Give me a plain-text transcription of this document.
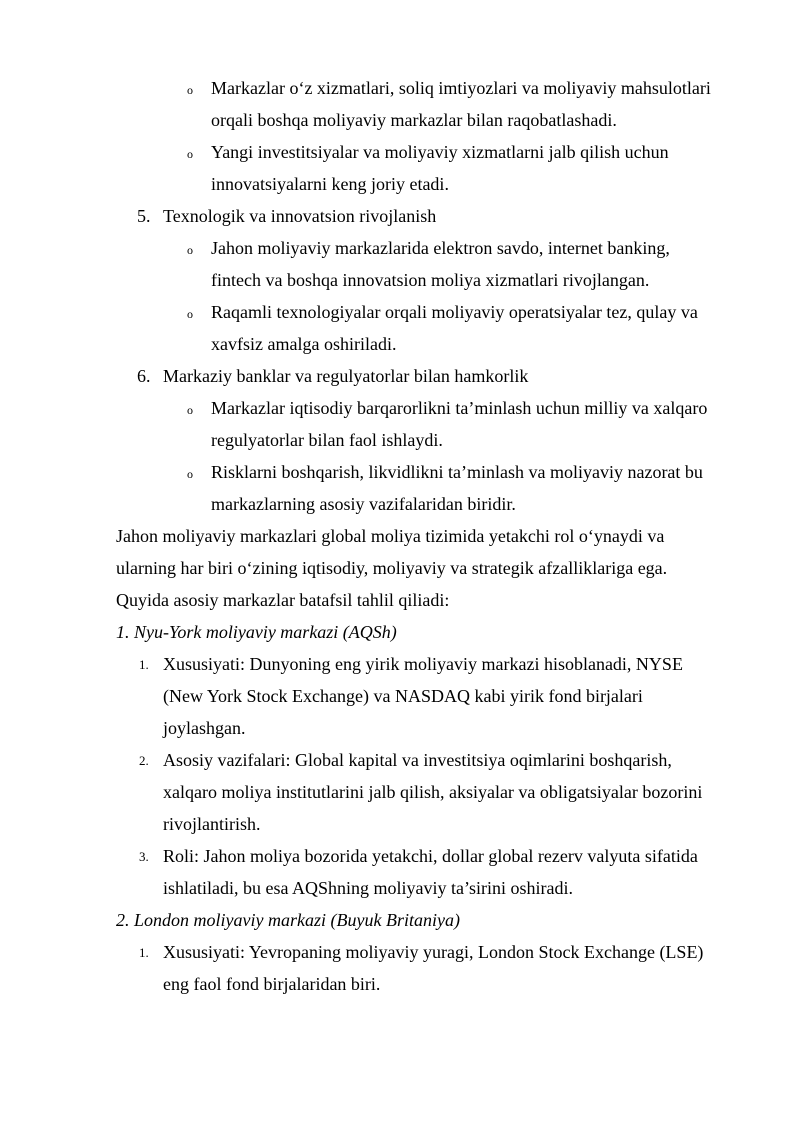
o Markazlar o‘z xizmatlari, soliq imtiyozlari va moliyaviy mahsulotlari
orqali boshqa moliyaviy markazlar bilan raqobatlashadi.
o Yangi investitsiyalar va moliyaviy xizmatlarni jalb qilish uchun
innovatsiyalarni keng joriy etadi.
5. Texnologik va innovatsion rivojlanish
o Jahon moliyaviy markazlarida elektron savdo, internet banking,
fintech va boshqa innovatsion moliya xizmatlari rivojlangan.
o Raqamli texnologiyalar orqali moliyaviy operatsiyalar tez, qulay va
xavfsiz amalga oshiriladi.
6. Markaziy banklar va regulyatorlar bilan hamkorlik
o Markazlar iqtisodiy barqarorlikni ta’minlash uchun milliy va xalqaro
regulyatorlar bilan faol ishlaydi.
o Risklarni boshqarish, likvidlikni ta’minlash va moliyaviy nazorat bu
markazlarning asosiy vazifalaridan biridir.
Jahon moliyaviy markazlari global moliya tizimida yetakchi rol o‘ynaydi va
ularning har biri o‘zining iqtisodiy, moliyaviy va strategik afzalliklariga ega.
Quyida asosiy markazlar batafsil tahlil qiliadi:
1. Nyu-York moliyaviy markazi (AQSh)
1. Xususiyati: Dunyoning eng yirik moliyaviy markazi hisoblanadi, NYSE
(New York Stock Exchange) va NASDAQ kabi yirik fond birjalari
joylashgan.
2. Asosiy vazifalari: Global kapital va investitsiya oqimlarini boshqarish,
xalqaro moliya institutlarini jalb qilish, aksiyalar va obligatsiyalar bozorini
rivojlantirish.
3. Roli: Jahon moliya bozorida yetakchi, dollar global rezerv valyuta sifatida
ishlatiladi, bu esa AQShning moliyaviy ta’sirini oshiradi.
2. London moliyaviy markazi (Buyuk Britaniya)
1. Xususiyati: Yevropaning moliyaviy yuragi, London Stock Exchange (LSE)
eng faol fond birjalaridan biri.
